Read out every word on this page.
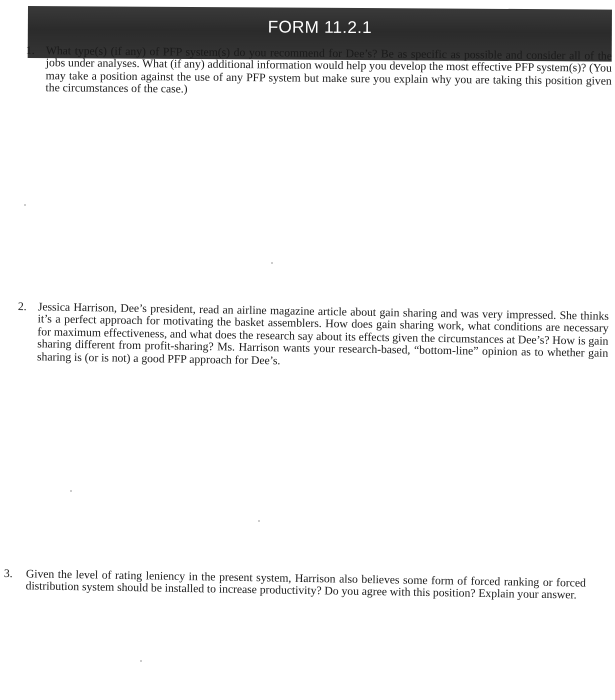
FORM 11.2.1
1. What type(s) (if any) of PFP system(s) do you recommend for Dee’s? Be as specific as possible and consider all of the jobs under analyses. What (if any) additional information would help you develop the most effective PFP system(s)? (You may take a position against the use of any PFP system but make sure you explain why you are taking this position given the circumstances of the case.)

2. Jessica Harrison, Dee’s president, read an airline magazine article about gain sharing and was very impressed. She thinks it’s a perfect approach for motivating the basket assemblers. How does gain sharing work, what conditions are necessary for maximum effectiveness, and what does the research say about its effects given the circumstances at Dee’s? How is gain sharing different from profit-sharing? Ms. Harrison wants your research-based, “bottom-line” opinion as to whether gain sharing is (or is not) a good PFP approach for Dee’s.

3. Given the level of rating leniency in the present system, Harrison also believes some form of forced ranking or forced distribution system should be installed to increase productivity? Do you agree with this position? Explain your answer.
